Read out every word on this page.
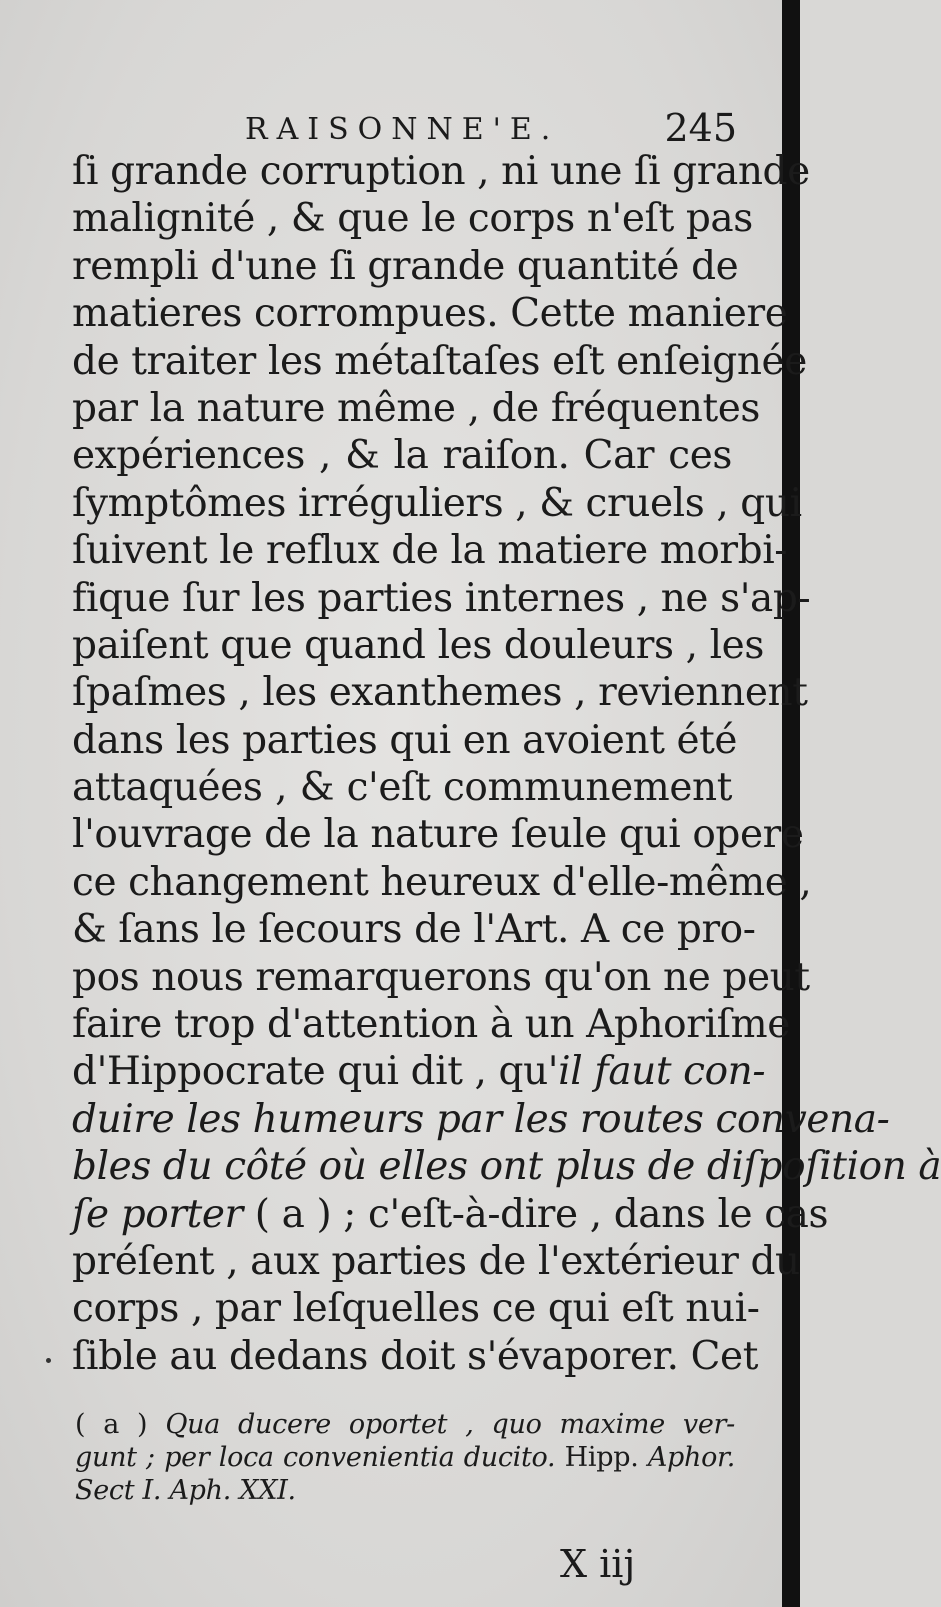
RAISONNE'E.	245
ſi grande corruption , ni une ſi grande
malignité , & que le corps n'eſt pas
rempli d'une ſi grande quantité de
matieres corrompues. Cette maniere
de traiter les métaſtaſes eſt enſeignée
par la nature même , de fréquentes
expériences , & la raiſon. Car ces
ſymptômes irréguliers , & cruels , qui
ſuivent le reflux de la matiere morbi-
fique ſur les parties internes , ne s'ap-
paiſent que quand les douleurs , les
ſpaſmes , les exanthemes , reviennent
dans les parties qui en avoient été
attaquées , & c'eſt communement
l'ouvrage de la nature ſeule qui opere
ce changement heureux d'elle-même ,
& ſans le ſecours de l'Art. A ce pro-
pos nous remarquerons qu'on ne peut
faire trop d'attention à un Aphoriſme
d'Hippocrate qui dit , qu'il faut con-
duire les humeurs par les routes convena-
bles du côté où elles ont plus de diſpoſition à
ſe porter ( a ) ; c'eſt-à-dire , dans le cas
préſent , aux parties de l'extérieur du
corps , par leſquelles ce qui eſt nui-
ſible au dedans doit s'évaporer. Cet
( a ) Qua ducere oportet , quo maxime ver-
gunt ; per loca convenientia ducito. Hipp. Aphor.
Sect I. Aph. XXI.
X iij
